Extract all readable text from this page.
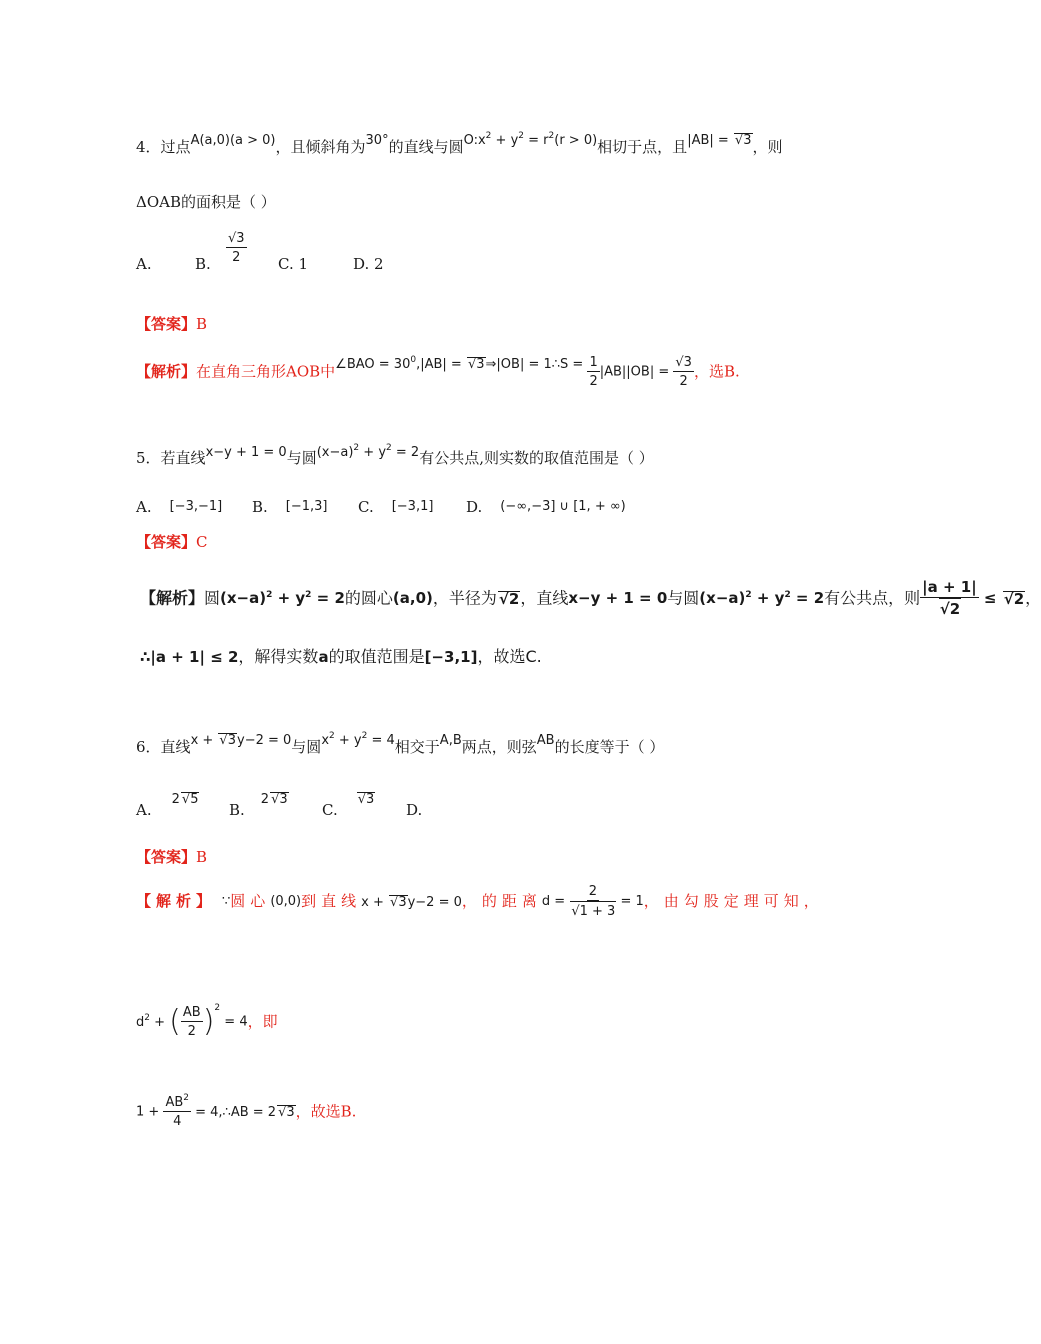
4．过点A(a,0)(a > 0)，且倾斜角为30°的直线与圆$O:x^2 + y^2 = r^2(r > 0)$相切于点，且|AB| = √ 3，则
ΔOAB的面积是（ ）
A.	B. $\frac{√3}{2} C$. 1	D. 2
【答案】B
【解析】在直角三角形AOB中∠BAO = $30^0,|AB|$ = √ 3⇒|OB| = 1∴S = $\frac{1}{2} |AB||OB| = \frac{√3}{2}$ ，选B.
5．若直线x−y + 1 = 0与圆$(x-a)^2 + y^2 = 2$有公共点,则实数的取值范围是（ ）
A. [−3,−1] B. [−1,3] C. [−3,1] D. (−∞,−3] ∪ [1, + ∞)
【答案】C
【解析】圆$(x-a)^2 + y^2 = 2$的圆心(a,0)，半径为 √ 2，直线x−y + 1 = 0与圆$(x-a)^2 + y^2 = 2$有公共点，则 |a + 1|
√ 2 ≤ √ 2，
∴|a + 1| ≤ 2，解得实数a的取值范围是[−3,1]，故选C.
6．直线x + √ 3y−2 = 0与圆$x^2 + y^2 = 4$相交于A,B两点，则弦AB的长度等于（ ）
A.2 √ 5
B.2 √ 3
C.√ 3
D.
【答案】B
【解析】 ∵圆心(0,0)到直线x + √ 3y−2 = 0，的距离d = 2
√ 1 + 3 = 1，由勾股定理可知，
$d^2$ + ( $\frac{AB}{2} )^2 = 4$，即
$1 + \frac{AB^2}{4}$ = 4,∴AB = 2 √ 3，故选B.
